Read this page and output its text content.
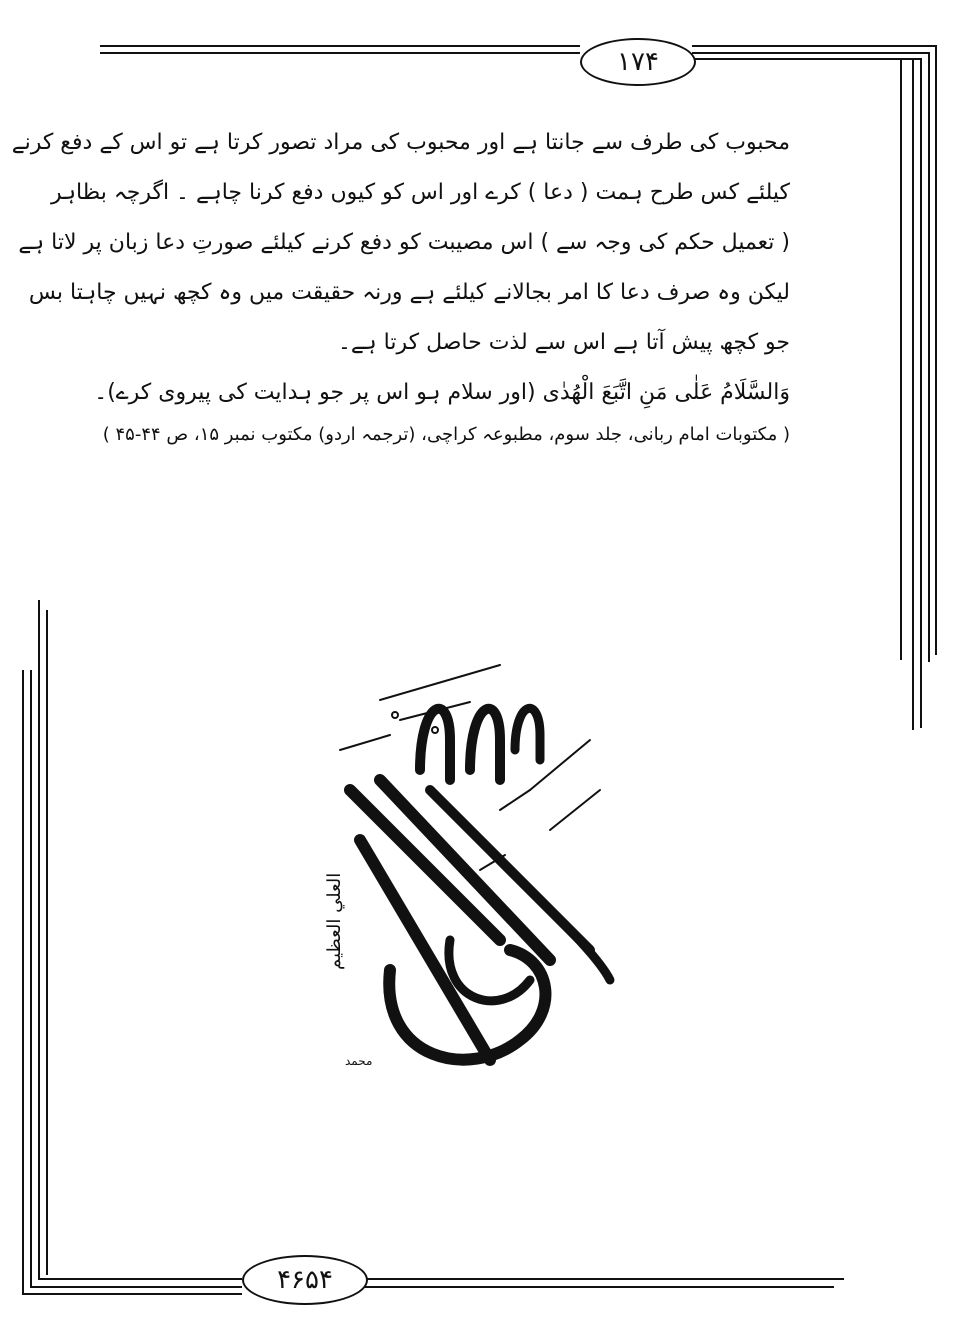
۱۷۴
۴۶۵۴
محبوب کی طرف سے جانتا ہے اور محبوب کی مراد تصور کرتا ہے تو اس کے دفع کرنے
کیلئے کس طرح ہمت ( دعا ) کرے اور اس کو کیوں دفع کرنا چاہے ۔ اگرچہ بظاہر
( تعمیل حکم کی وجہ سے ) اس مصیبت کو دفع کرنے کیلئے صورتِ دعا زبان پر لاتا ہے
لیکن وہ صرف دعا کا امر بجالانے کیلئے ہے ورنہ حقیقت میں وہ کچھ نہیں چاہتا بس
جو کچھ پیش آتا ہے اس سے لذت حاصل کرتا ہے۔
وَالسَّلَامُ عَلٰی مَنِ اتَّبَعَ الْهُدٰی (اور سلام ہو اس پر جو ہدایت کی پیروی کرے)۔
( مکتوبات امام ربانی، جلد سوم، مطبوعہ کراچی، (ترجمہ اردو) مکتوب نمبر ۱۵، ص ۴۴-۴۵ )
العلي العظيم
محمد
